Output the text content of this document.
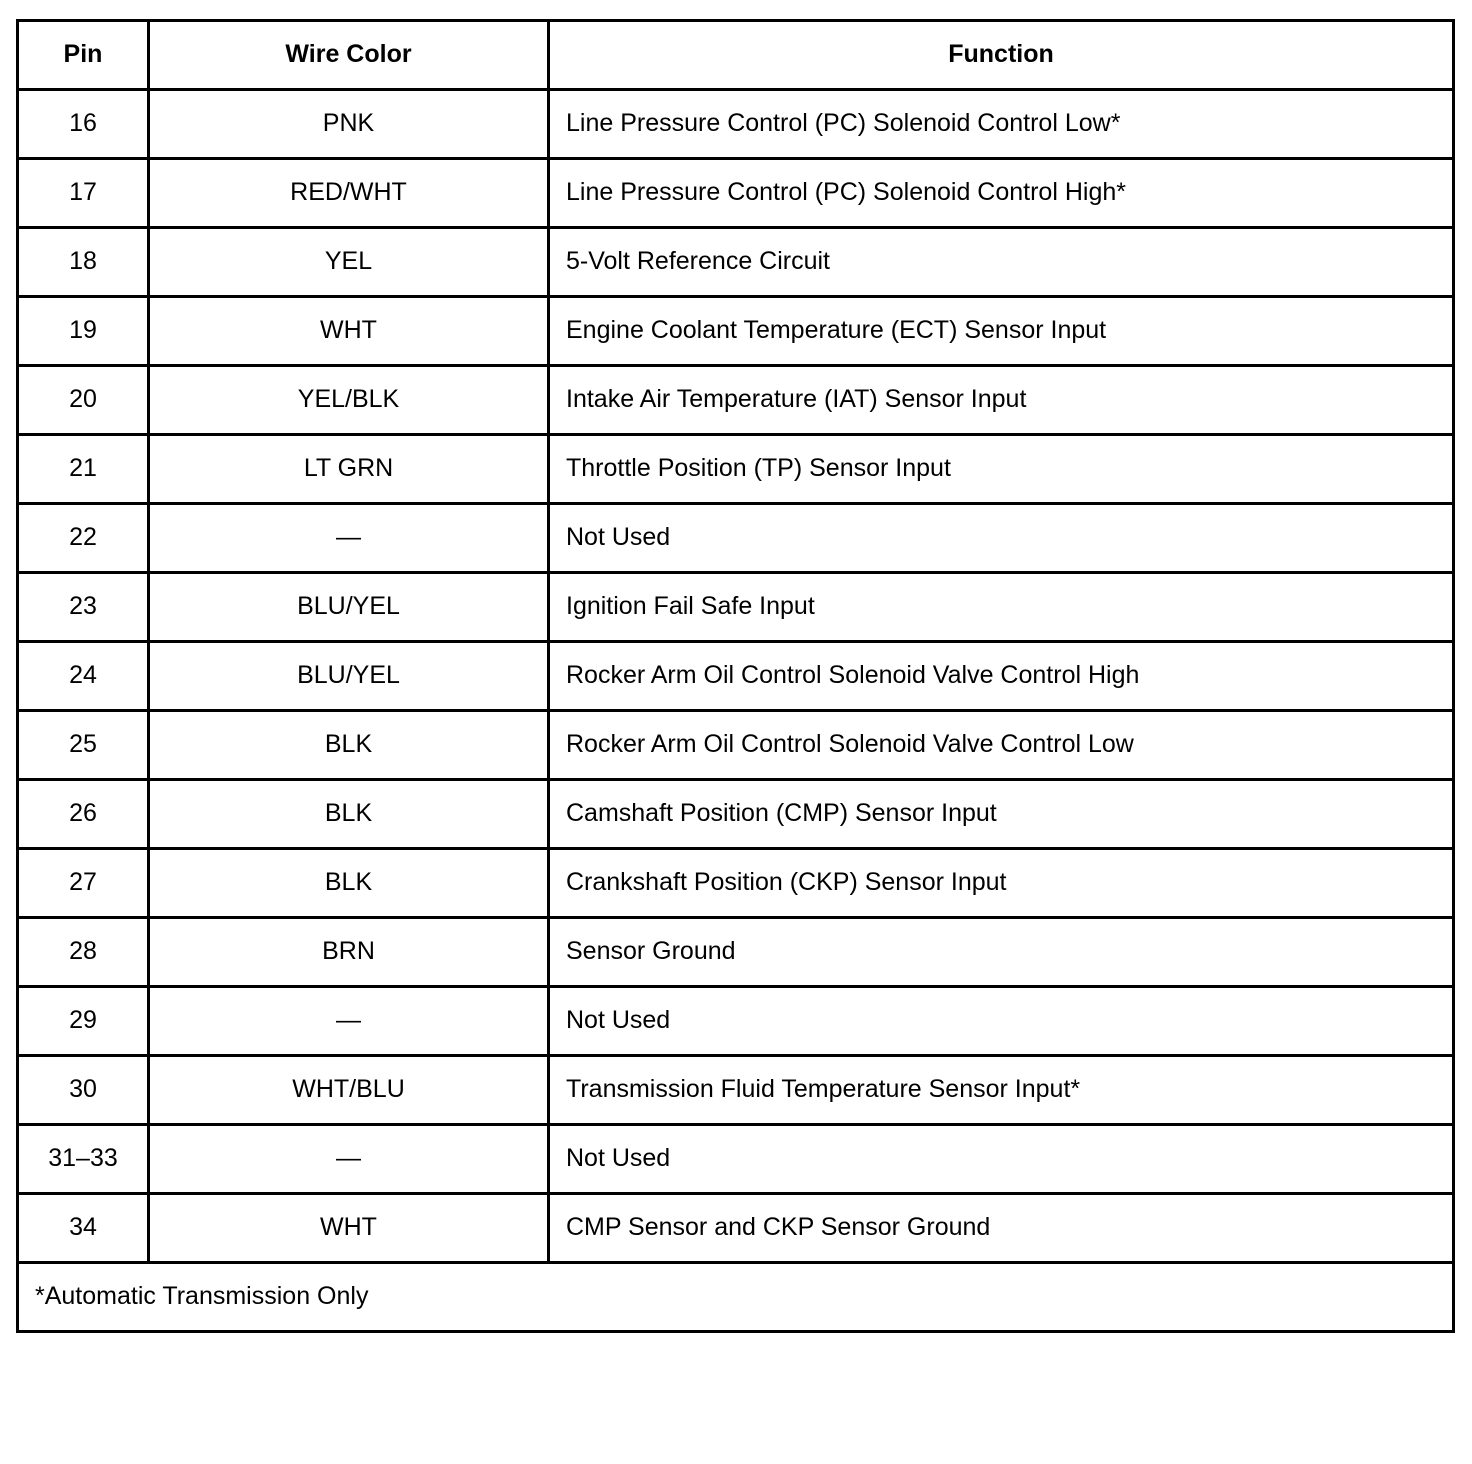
Pin	Wire Color	Function
16	PNK	Line Pressure Control (PC) Solenoid Control Low*
17	RED/WHT	Line Pressure Control (PC) Solenoid Control High*
18	YEL	5-Volt Reference Circuit
19	WHT	Engine Coolant Temperature (ECT) Sensor Input
20	YEL/BLK	Intake Air Temperature (IAT) Sensor Input
21	LT GRN	Throttle Position (TP) Sensor Input
22	—	Not Used
23	BLU/YEL	Ignition Fail Safe Input
24	BLU/YEL	Rocker Arm Oil Control Solenoid Valve Control High
25	BLK	Rocker Arm Oil Control Solenoid Valve Control Low
26	BLK	Camshaft Position (CMP) Sensor Input
27	BLK	Crankshaft Position (CKP) Sensor Input
28	BRN	Sensor Ground
29	—	Not Used
30	WHT/BLU	Transmission Fluid Temperature Sensor Input*
31–33	—	Not Used
34	WHT	CMP Sensor and CKP Sensor Ground
*Automatic Transmission Only		
